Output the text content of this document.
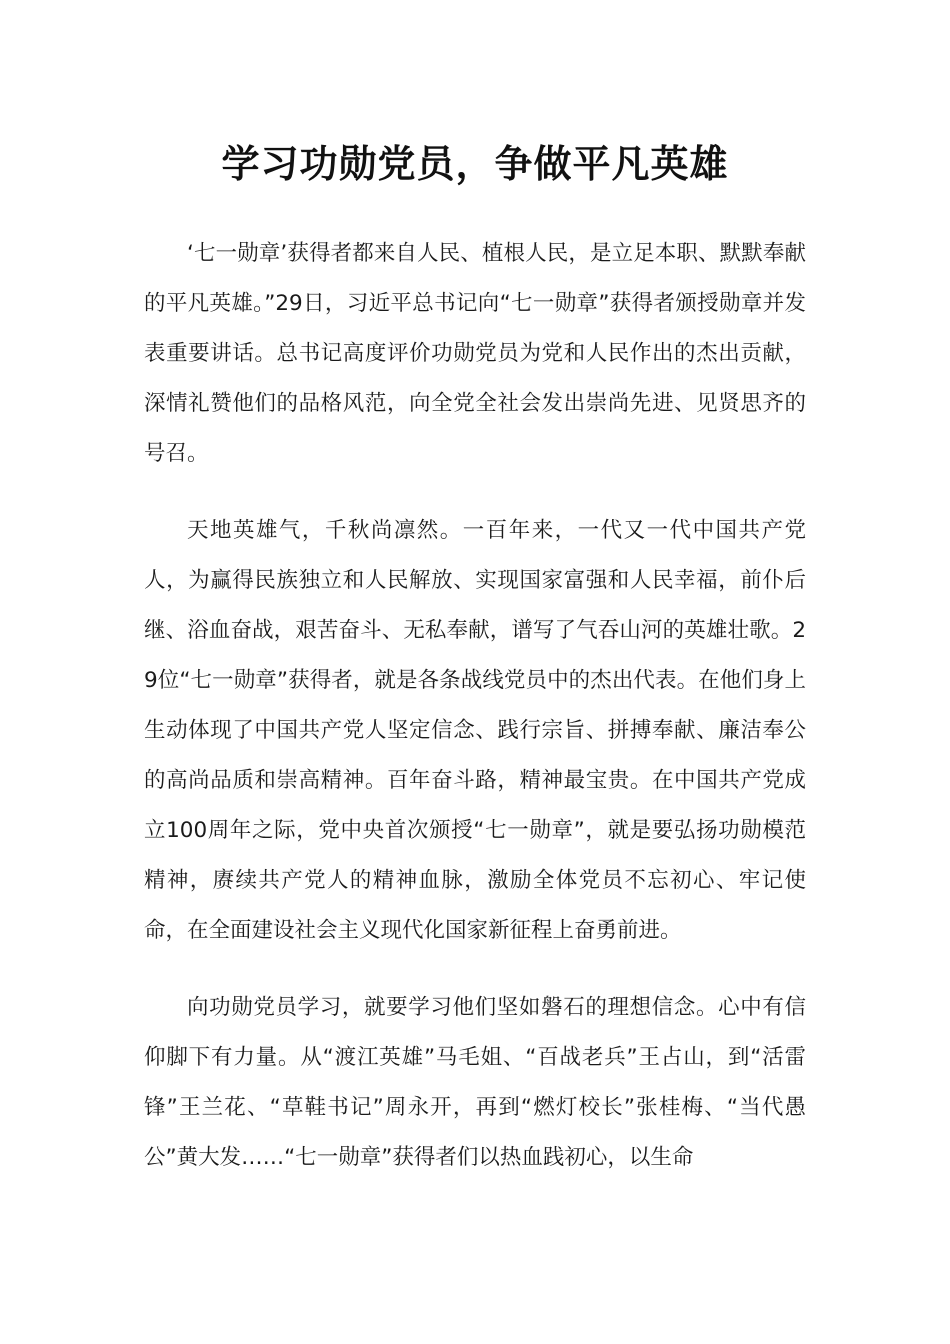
学习功勋党员，争做平凡英雄

‘七一勋章’获得者都来自人民、植根人民，是立足本职、默默奉献的平凡英雄。”29日，习近平总书记向“七一勋章”获得者颁授勋章并发表重要讲话。总书记高度评价功勋党员为党和人民作出的杰出贡献，深情礼赞他们的品格风范，向全党全社会发出崇尚先进、见贤思齐的号召。

天地英雄气，千秋尚凛然。一百年来，一代又一代中国共产党人，为赢得民族独立和人民解放、实现国家富强和人民幸福，前仆后继、浴血奋战，艰苦奋斗、无私奉献，谱写了气吞山河的英雄壮歌。29位“七一勋章”获得者，就是各条战线党员中的杰出代表。在他们身上生动体现了中国共产党人坚定信念、践行宗旨、拼搏奉献、廉洁奉公的高尚品质和崇高精神。百年奋斗路，精神最宝贵。在中国共产党成立100周年之际，党中央首次颁授“七一勋章”，就是要弘扬功勋模范精神，赓续共产党人的精神血脉，激励全体党员不忘初心、牢记使命，在全面建设社会主义现代化国家新征程上奋勇前进。

向功勋党员学习，就要学习他们坚如磐石的理想信念。心中有信仰脚下有力量。从“渡江英雄”马毛姐、“百战老兵”王占山，到“活雷锋”王兰花、“草鞋书记”周永开，再到“燃灯校长”张桂梅、“当代愚公”黄大发……“七一勋章”获得者们以热血践初心，以生命
